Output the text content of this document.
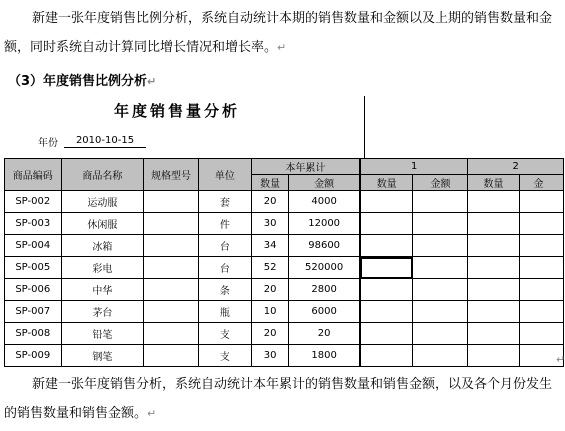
新建一张年度销售比例分析，系统自动统计本期的销售数量和金额以及上期的销售数量和金额，同时系统自动计算同比增长情况和增长率。↵

（3）年度销售比例分析↵
年度销售量分析
年份	2010-10-15
商品编码	商品名称	规格型号	单位	本年累计		1		2	
				数量	金额	数量	金额	数量	金
SP-002	运动服		套	20	4000				
SP-003	休闲服		件	30	12000				
SP-004	冰箱		台	34	98600				
SP-005	彩电		台	52	520000				
SP-006	中华		条	20	2800				
SP-007	茅台		瓶	10	6000				
SP-008	铅笔		支	20	20				
SP-009	钢笔		支	30	1800				

新建一张年度销售分析，系统自动统计本年累计的销售数量和销售金额，以及各个月份发生的销售数量和销售金额。↵

↵
